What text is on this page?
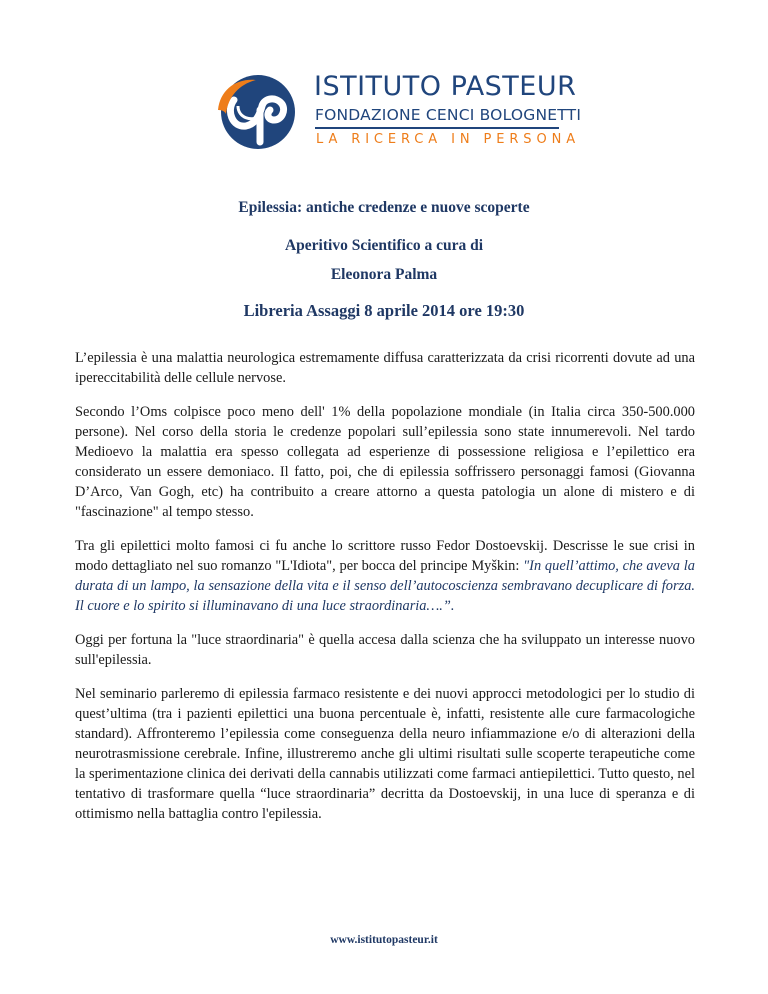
ISTITUTO PASTEUR
FONDAZIONE CENCI BOLOGNETTI
LA RICERCA IN PERSONA
Epilessia: antiche credenze e nuove scoperte
Aperitivo Scientifico a cura di
Eleonora Palma
Libreria Assaggi 8 aprile 2014 ore 19:30

L’epilessia è una malattia neurologica estremamente diffusa caratterizzata da crisi ricorrenti dovute ad una ipereccitabilità delle cellule nervose.

Secondo l’Oms colpisce poco meno dell' 1% della popolazione mondiale (in Italia circa 350-500.000 persone). Nel corso della storia le credenze popolari sull’epilessia sono state innumerevoli. Nel tardo Medioevo la malattia era spesso collegata ad esperienze di possessione religiosa e l’epilettico era considerato un essere demoniaco. Il fatto, poi, che di epilessia soffrissero personaggi famosi (Giovanna D’Arco, Van Gogh, etc) ha contribuito a creare attorno a questa patologia un alone di mistero e di "fascinazione" al tempo stesso.

Tra gli epilettici molto famosi ci fu anche lo scrittore russo Fedor Dostoevskij. Descrisse le sue crisi in modo dettagliato nel suo romanzo "L'Idiota", per bocca del principe Myškin: "In quell’attimo, che aveva la durata di un lampo, la sensazione della vita e il senso dell’autocoscienza sembravano decuplicare di forza. Il cuore e lo spirito si illuminavano di una luce straordinaria….”.

Oggi per fortuna la "luce straordinaria" è quella accesa dalla scienza che ha sviluppato un interesse nuovo sull'epilessia.

Nel seminario parleremo di epilessia farmaco resistente e dei nuovi approcci metodologici per lo studio di quest’ultima (tra i pazienti epilettici una buona percentuale è, infatti, resistente alle cure farmacologiche standard). Affronteremo l’epilessia come conseguenza della neuro infiammazione e/o di alterazioni della neurotrasmissione cerebrale. Infine, illustreremo anche gli ultimi risultati sulle scoperte terapeutiche come la sperimentazione clinica dei derivati della cannabis utilizzati come farmaci antiepilettici. Tutto questo, nel tentativo di trasformare quella “luce straordinaria” decritta da Dostoevskij, in una luce di speranza e di ottimismo nella battaglia contro l'epilessia.

www.istitutopasteur.it
